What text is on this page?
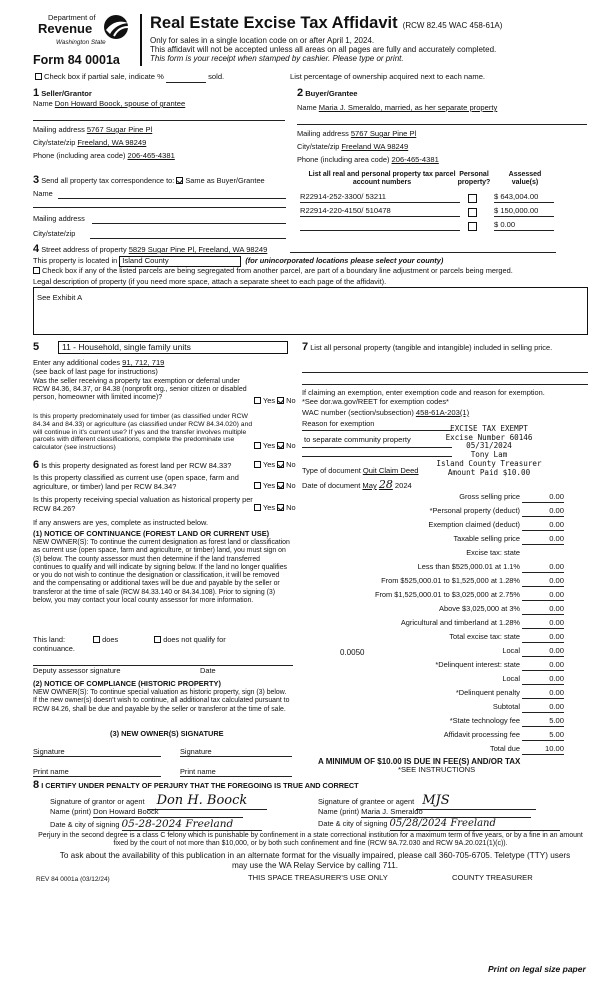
Department of
Revenue
Washington State
Form 84 0001a
Real Estate Excise Tax Affidavit (RCW 82.45 WAC 458-61A)
Only for sales in a single location code on or after April 1, 2024.
This affidavit will not be accepted unless all areas on all pages are fully and accurately completed.
This form is your receipt when stamped by cashier. Please type or print.
Check box if partial sale, indicate %	sold.	List percentage of ownership acquired next to each name.
1 Seller/Grantor
Name Don Howard Boock, spouse of grantee
Mailing address 5767 Sugar Pine Pl
City/state/zip Freeland, WA 98249
Phone (including area code) 206-465-4381
2 Buyer/Grantee
Name Maria J. Smeraldo, married, as her separate property
Mailing address 5767 Sugar Pine Pl
City/state/zip Freeland WA 98249
Phone (including area code) 206-465-4381
3 Send all property tax correspondence to: Same as Buyer/Grantee
Name
Mailing address
City/state/zip
List all real and personal property tax parcel account numbers
Personal property?
Assessed value(s)
R22914-252-3300/ 53211	$ 643,004.00
R22914-220-4150/ 510478	$ 150,000.00
$ 0.00
4 Street address of property 5829 Sugar Pine Pl, Freeland, WA 98249
This property is located in Island County	(for unincorporated locations please select your county)
Check box if any of the listed parcels are being segregated from another parcel, are part of a boundary line adjustment or parcels being merged.
Legal description of property (if you need more space, attach a separate sheet to each page of the affidavit).
See Exhibit A
5	11 - Household, single family units
Enter any additional codes 91, 712, 719
(see back of last page for instructions)
Was the seller receiving a property tax exemption or deferral under RCW 84.36, 84.37, or 84.38 (nonprofit org., senior citizen or disabled person, homeowner with limited income)?	Yes No
Is this property predominately used for timber (as classified under RCW 84.34 and 84.33) or agriculture (as classified under RCW 84.34.020) and will continue in it's current use? If yes and the transfer involves multiple parcels with different classifications, complete the predominate use calculator (see instructions)	Yes No
6 Is this property designated as forest land per RCW 84.33?	Yes No
Is this property classified as current use (open space, farm and agriculture, or timber) land per RCW 84.34?	Yes No
Is this property receiving special valuation as historical property per RCW 84.26?	Yes No
If any answers are yes, complete as instructed below.
(1) NOTICE OF CONTINUANCE (FOREST LAND OR CURRENT USE)
NEW OWNER(S): To continue the current designation as forest land or classification as current use (open space, farm and agriculture, or timber) land, you must sign on (3) below. The county assessor must then determine if the land transferred continues to qualify and will indicate by signing below. If the land no longer qualifies or you do not wish to continue the designation or classification, it will be removed and the compensating or additional taxes will be due and payable by the seller or transferor at the time of sale (RCW 84.33.140 or 84.34.108). Prior to signing (3) below, you may contact your local county assessor for more information.
This land:	does	does not qualify for
continuance.
Deputy assessor signature	Date
(2) NOTICE OF COMPLIANCE (HISTORIC PROPERTY)
NEW OWNER(S): To continue special valuation as historic property, sign (3) below. If the new owner(s) doesn't wish to continue, all additional tax calculated pursuant to RCW 84.26, shall be due and payable by the seller or transferor at the time of sale.
(3) NEW OWNER(S) SIGNATURE
Signature	Signature
Print name	Print name
7 List all personal property (tangible and intangible) included in selling price.
If claiming an exemption, enter exemption code and reason for exemption. *See dor.wa.gov/REET for exemption codes*
WAC number (section/subsection) 458-61A-203(1)
Reason for exemption
to separate community property
Type of document Quit Claim Deed
Date of document May 28 2024
EXCISE TAX EXEMPT
Excise Number 60146
05/31/2024
Tony Lam
Island County Treasurer
Amount Paid $10.00
Gross selling price	0.00
*Personal property (deduct)	0.00
Exemption claimed (deduct)	0.00
Taxable selling price	0.00
Excise tax: state
Less than $525,000.01 at 1.1%	0.00
From $525,000.01 to $1,525,000 at 1.28%	0.00
From $1,525,000.01 to $3,025,000 at 2.75%	0.00
Above $3,025,000 at 3%	0.00
Agricultural and timberland at 1.28%	0.00
Total excise tax: state	0.00
0.0050	Local	0.00
*Delinquent interest: state	0.00
Local	0.00
*Delinquent penalty	0.00
Subtotal	0.00
*State technology fee	5.00
Affidavit processing fee	5.00
Total due	10.00
A MINIMUM OF $10.00 IS DUE IN FEE(S) AND/OR TAX
*SEE INSTRUCTIONS
8 I CERTIFY UNDER PENALTY OF PERJURY THAT THE FOREGOING IS TRUE AND CORRECT
Signature of grantor or agent Don H. Boock
Name (print) Don Howard Boock
Date & city of signing 05-28-2024 Freeland
Signature of grantee or agent MJS
Name (print) Maria J. Smeraldo
Date & city of signing 05/28/2024 Freeland
Perjury in the second degree is a class C felony which is punishable by confinement in a state correctional institution for a maximum term of five years, or by a fine in an amount fixed by the court of not more than $10,000, or by both such confinement and fine (RCW 9A.72.030 and RCW 9A.20.021(1)(c)).
To ask about the availability of this publication in an alternate format for the visually impaired, please call 360-705-6705. Teletype (TTY) users may use the WA Relay Service by calling 711.
REV 84 0001a (03/12/24)	THIS SPACE TREASURER'S USE ONLY	COUNTY TREASURER
Print on legal size paper
